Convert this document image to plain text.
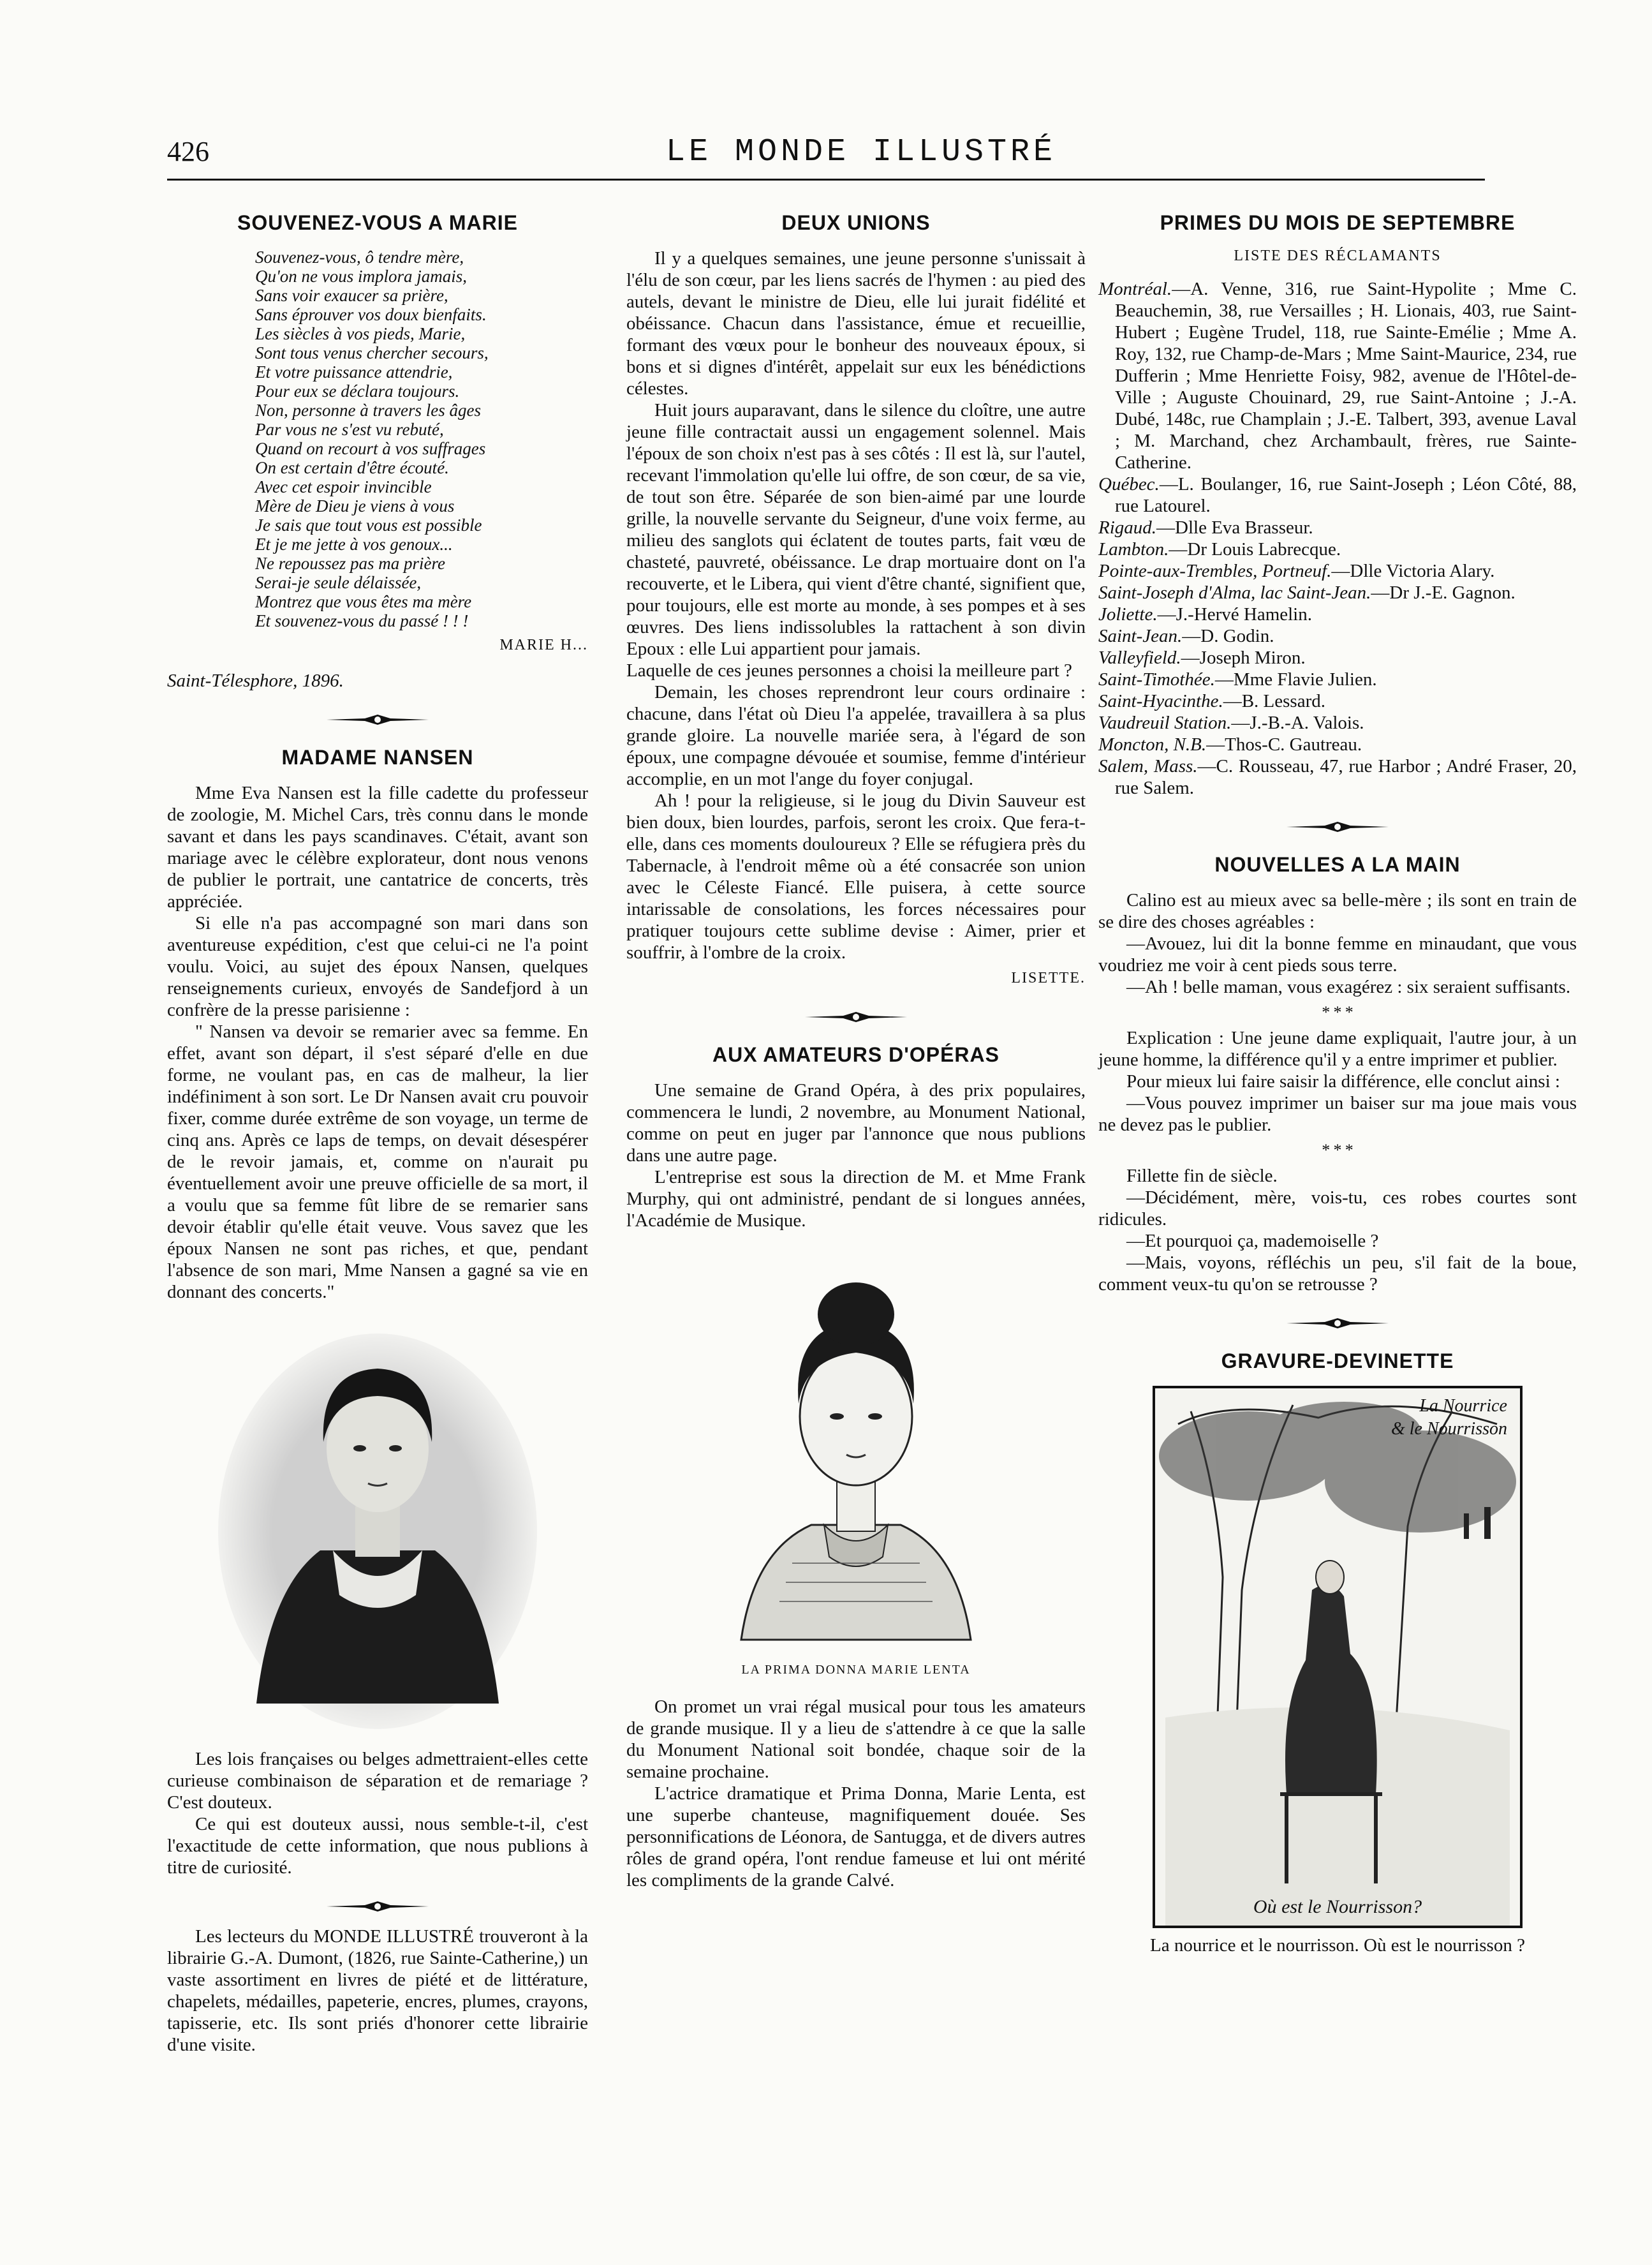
426	LE MONDE ILLUSTRÉ
SOUVENEZ-VOUS A MARIE
Souvenez-vous, ô tendre mère,
Qu'on ne vous implora jamais,
Sans voir exaucer sa prière,
Sans éprouver vos doux bienfaits.
Les siècles à vos pieds, Marie,
Sont tous venus chercher secours,
Et votre puissance attendrie,
Pour eux se déclara toujours.
Non, personne à travers les âges
Par vous ne s'est vu rebuté,
Quand on recourt à vos suffrages
On est certain d'être écouté.
Avec cet espoir invincible
Mère de Dieu je viens à vous
Je sais que tout vous est possible
Et je me jette à vos genoux...
Ne repoussez pas ma prière
Serai-je seule délaissée,
Montrez que vous êtes ma mère
Et souvenez-vous du passé ! ! !
MARIE H...
Saint-Télesphore, 1896.
MADAME NANSEN

Mme Eva Nansen est la fille cadette du professeur de zoologie, M. Michel Cars, très connu dans le monde savant et dans les pays scandinaves. C'était, avant son mariage avec le célèbre explorateur, dont nous venons de publier le portrait, une cantatrice de concerts, très appréciée.

Si elle n'a pas accompagné son mari dans son aventureuse expédition, c'est que celui-ci ne l'a point voulu. Voici, au sujet des époux Nansen, quelques renseignements curieux, envoyés de Sandefjord à un confrère de la presse parisienne :

" Nansen va devoir se remarier avec sa femme. En effet, avant son départ, il s'est séparé d'elle en due forme, ne voulant pas, en cas de malheur, la lier indéfiniment à son sort. Le Dr Nansen avait cru pouvoir fixer, comme durée extrême de son voyage, un terme de cinq ans. Après ce laps de temps, on devait désespérer de le revoir jamais, et, comme on n'aurait pu éventuellement avoir une preuve officielle de sa mort, il a voulu que sa femme fût libre de se remarier sans devoir établir qu'elle était veuve. Vous savez que les époux Nansen ne sont pas riches, et que, pendant l'absence de son mari, Mme Nansen a gagné sa vie en donnant des concerts."

Les lois françaises ou belges admettraient-elles cette curieuse combinaison de séparation et de remariage ? C'est douteux.

Ce qui est douteux aussi, nous semble-t-il, c'est l'exactitude de cette information, que nous publions à titre de curiosité.

Les lecteurs du MONDE ILLUSTRÉ trouveront à la librairie G.-A. Dumont, (1826, rue Sainte-Catherine,) un vaste assortiment en livres de piété et de littérature, chapelets, médailles, papeterie, encres, plumes, crayons, tapisserie, etc. Ils sont priés d'honorer cette librairie d'une visite.

DEUX UNIONS

Il y a quelques semaines, une jeune personne s'unissait à l'élu de son cœur, par les liens sacrés de l'hymen : au pied des autels, devant le ministre de Dieu, elle lui jurait fidélité et obéissance. Chacun dans l'assistance, émue et recueillie, formant des vœux pour le bonheur des nouveaux époux, si bons et si dignes d'intérêt, appelait sur eux les bénédictions célestes.

Huit jours auparavant, dans le silence du cloître, une autre jeune fille contractait aussi un engagement solennel. Mais l'époux de son choix n'est pas à ses côtés : Il est là, sur l'autel, recevant l'immolation qu'elle lui offre, de son cœur, de sa vie, de tout son être. Séparée de son bien-aimé par une lourde grille, la nouvelle servante du Seigneur, d'une voix ferme, au milieu des sanglots qui éclatent de toutes parts, fait vœu de chasteté, pauvreté, obéissance. Le drap mortuaire dont on l'a recouverte, et le Libera, qui vient d'être chanté, signifient que, pour toujours, elle est morte au monde, à ses pompes et à ses œuvres. Des liens indissolubles la rattachent à son divin Epoux : elle Lui appartient pour jamais.

Laquelle de ces jeunes personnes a choisi la meilleure part ?

Demain, les choses reprendront leur cours ordinaire : chacune, dans l'état où Dieu l'a appelée, travaillera à sa plus grande gloire. La nouvelle mariée sera, à l'égard de son époux, une compagne dévouée et soumise, femme d'intérieur accomplie, en un mot l'ange du foyer conjugal.

Ah ! pour la religieuse, si le joug du Divin Sauveur est bien doux, bien lourdes, parfois, seront les croix. Que fera-t-elle, dans ces moments douloureux ? Elle se réfugiera près du Tabernacle, à l'endroit même où a été consacrée son union avec le Céleste Fiancé. Elle puisera, à cette source intarissable de consolations, les forces nécessaires pour pratiquer toujours cette sublime devise : Aimer, prier et souffrir, à l'ombre de la croix.

LISETTE.
AUX AMATEURS D'OPÉRAS

Une semaine de Grand Opéra, à des prix populaires, commencera le lundi, 2 novembre, au Monument National, comme on peut en juger par l'annonce que nous publions dans une autre page.

L'entreprise est sous la direction de M. et Mme Frank Murphy, qui ont administré, pendant de si longues années, l'Académie de Musique.

LA PRIMA DONNA MARIE LENTA

On promet un vrai régal musical pour tous les amateurs de grande musique. Il y a lieu de s'attendre à ce que la salle du Monument National soit bondée, chaque soir de la semaine prochaine.

L'actrice dramatique et Prima Donna, Marie Lenta, est une superbe chanteuse, magnifiquement douée. Ses personnifications de Léonora, de Santugga, et de divers autres rôles de grand opéra, l'ont rendue fameuse et lui ont mérité les compliments de la grande Calvé.

PRIMES DU MOIS DE SEPTEMBRE
LISTE DES RÉCLAMANTS

Montréal.—A. Venne, 316, rue Saint-Hypolite ; Mme C. Beauchemin, 38, rue Versailles ; H. Lionais, 403, rue Saint-Hubert ; Eugène Trudel, 118, rue Sainte-Emélie ; Mme A. Roy, 132, rue Champ-de-Mars ; Mme Saint-Maurice, 234, rue Dufferin ; Mme Henriette Foisy, 982, avenue de l'Hôtel-de-Ville ; Auguste Chouinard, 29, rue Saint-Antoine ; J.-A. Dubé, 148c, rue Champlain ; J.-E. Talbert, 393, avenue Laval ; M. Marchand, chez Archambault, frères, rue Sainte-Catherine.

Québec.—L. Boulanger, 16, rue Saint-Joseph ; Léon Côté, 88, rue Latourel.

Rigaud.—Dlle Eva Brasseur.

Lambton.—Dr Louis Labrecque.

Pointe-aux-Trembles, Portneuf.—Dlle Victoria Alary.

Saint-Joseph d'Alma, lac Saint-Jean.—Dr J.-E. Gagnon.

Joliette.—J.-Hervé Hamelin.

Saint-Jean.—D. Godin.

Valleyfield.—Joseph Miron.

Saint-Timothée.—Mme Flavie Julien.

Saint-Hyacinthe.—B. Lessard.

Vaudreuil Station.—J.-B.-A. Valois.

Moncton, N.B.—Thos-C. Gautreau.

Salem, Mass.—C. Rousseau, 47, rue Harbor ; André Fraser, 20, rue Salem.

NOUVELLES A LA MAIN

Calino est au mieux avec sa belle-mère ; ils sont en train de se dire des choses agréables :

—Avouez, lui dit la bonne femme en minaudant, que vous voudriez me voir à cent pieds sous terre.

—Ah ! belle maman, vous exagérez : six seraient suffisants.

* * *

Explication : Une jeune dame expliquait, l'autre jour, à un jeune homme, la différence qu'il y a entre imprimer et publier.

Pour mieux lui faire saisir la différence, elle conclut ainsi :

—Vous pouvez imprimer un baiser sur ma joue mais vous ne devez pas le publier.

* * *

Fillette fin de siècle.

—Décidément, mère, vois-tu, ces robes courtes sont ridicules.

—Et pourquoi ça, mademoiselle ?

—Mais, voyons, réfléchis un peu, s'il fait de la boue, comment veux-tu qu'on se retrousse ?

GRAVURE-DEVINETTE
La Nourrice
& le Nourrisson
Où est le Nourrisson?
La nourrice et le nourrisson. Où est le nourrisson ?
